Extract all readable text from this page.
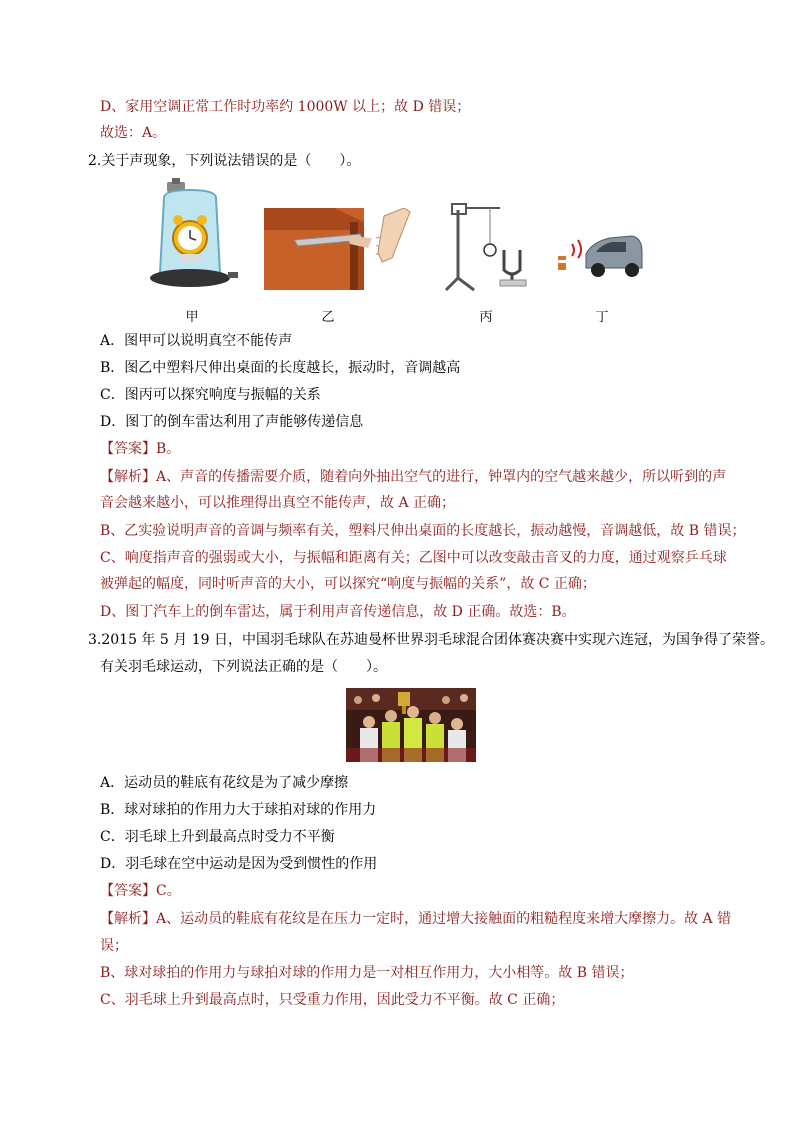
D、家用空调正常工作时功率约 1000W 以上；故 D 错误；
故选：A。
2.关于声现象，下列说法错误的是（　　）。
甲	乙	丙	丁
A．图甲可以说明真空不能传声
B．图乙中塑料尺伸出桌面的长度越长，振动时，音调越高
C．图丙可以探究响度与振幅的关系
D．图丁的倒车雷达利用了声能够传递信息
【答案】B。
【解析】A、声音的传播需要介质，随着向外抽出空气的进行，钟罩内的空气越来越少，所以听到的声
音会越来越小，可以推理得出真空不能传声，故 A 正确；
B、乙实验说明声音的音调与频率有关，塑料尺伸出桌面的长度越长，振动越慢，音调越低，故 B 错误；
C、响度指声音的强弱或大小，与振幅和距离有关；乙图中可以改变敲击音叉的力度，通过观察乒乓球
被弹起的幅度，同时听声音的大小，可以探究“响度与振幅的关系”，故 C 正确；
D、图丁汽车上的倒车雷达，属于利用声音传递信息，故 D 正确。故选：B。
3.2015 年 5 月 19 日，中国羽毛球队在苏迪曼杯世界羽毛球混合团体赛决赛中实现六连冠，为国争得了荣誉。
有关羽毛球运动，下列说法正确的是（　　）。
A．运动员的鞋底有花纹是为了减少摩擦
B．球对球拍的作用力大于球拍对球的作用力
C．羽毛球上升到最高点时受力不平衡
D．羽毛球在空中运动是因为受到惯性的作用
【答案】C。
【解析】A、运动员的鞋底有花纹是在压力一定时，通过增大接触面的粗糙程度来增大摩擦力。故 A 错
误；
B、球对球拍的作用力与球拍对球的作用力是一对相互作用力，大小相等。故 B 错误；
C、羽毛球上升到最高点时，只受重力作用，因此受力不平衡。故 C 正确；
